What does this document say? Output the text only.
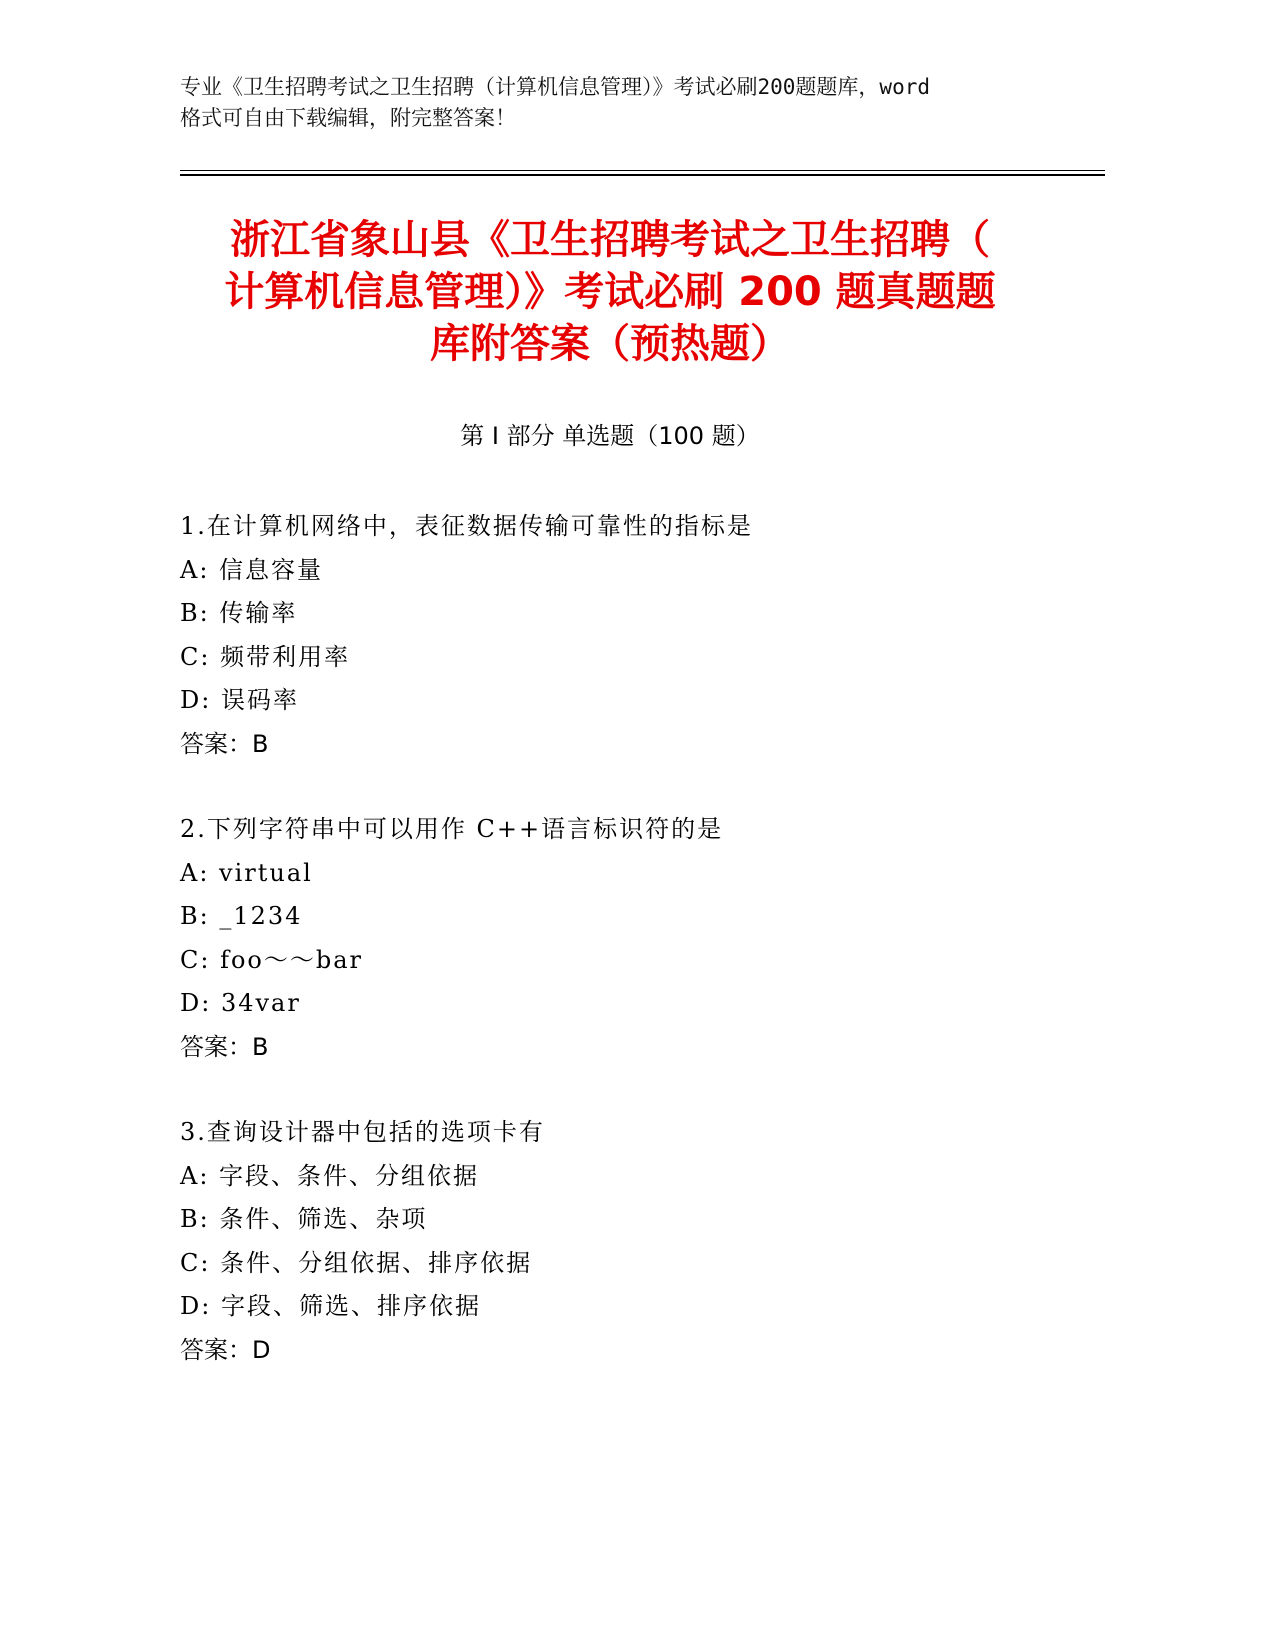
专业《卫生招聘考试之卫生招聘（计算机信息管理）》考试必刷200题题库，word
格式可自由下载编辑，附完整答案！
浙江省象山县《卫生招聘考试之卫生招聘（
计算机信息管理）》考试必刷 200 题真题题
库附答案（预热题）
第 I 部分 单选题（100 题）
1.在计算机网络中，表征数据传输可靠性的指标是
A: 信息容量
B: 传输率
C: 频带利用率
D: 误码率
答案：B
2.下列字符串中可以用作 C++语言标识符的是
A: virtual
B: _1234
C: foo～～bar
D: 34var
答案：B
3.查询设计器中包括的选项卡有
A: 字段、条件、分组依据
B: 条件、筛选、杂项
C: 条件、分组依据、排序依据
D: 字段、筛选、排序依据
答案：D
